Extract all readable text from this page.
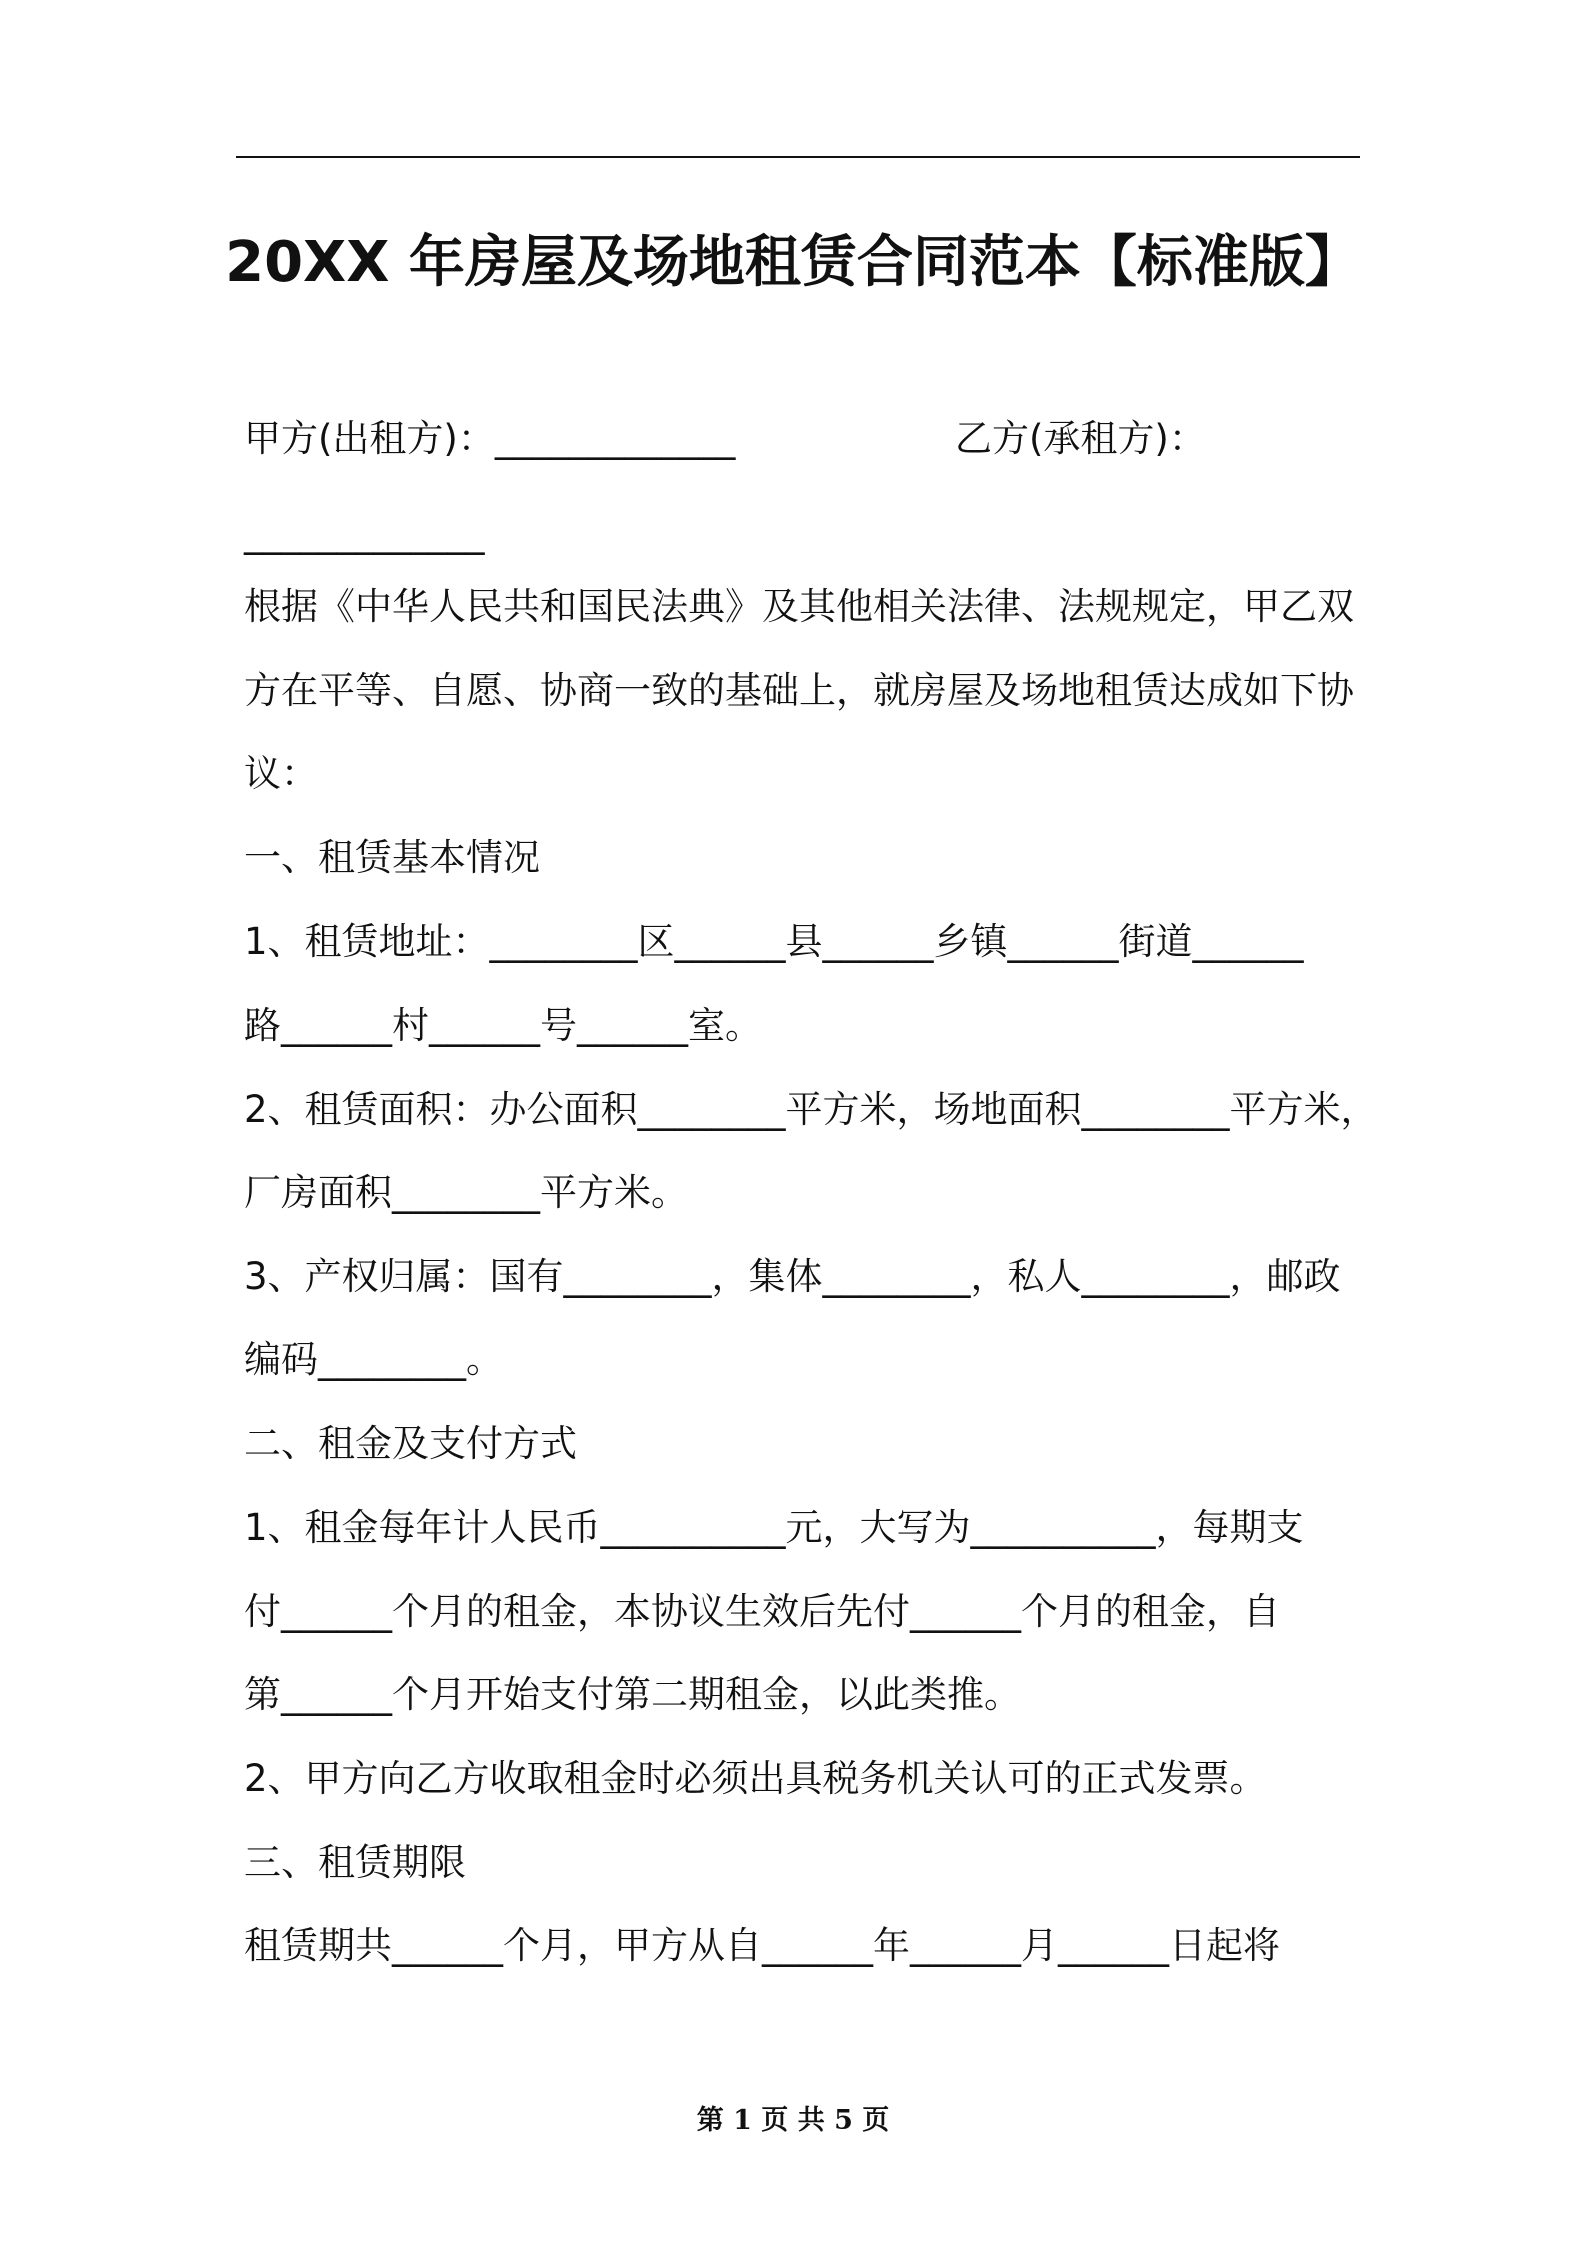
20XX 年房屋及场地租赁合同范本【标准版】
甲方(出租方)：_____________	乙方(承租方)：
_____________
根据《中华人民共和国民法典》及其他相关法律、法规规定，甲乙双
方在平等、自愿、协商一致的基础上，就房屋及场地租赁达成如下协
议：
一、租赁基本情况
1、租赁地址：________区______县______乡镇______街道______
路______村______号______室。
2、租赁面积：办公面积________平方米，场地面积________平方米，
厂房面积________平方米。
3、产权归属：国有________，集体________，私人________，邮政
编码________。
二、租金及支付方式
1、租金每年计人民币__________元，大写为__________，每期支
付______个月的租金，本协议生效后先付______个月的租金，自
第______个月开始支付第二期租金，以此类推。
2、甲方向乙方收取租金时必须出具税务机关认可的正式发票。
三、租赁期限
租赁期共______个月，甲方从自______年______月______日起将
第 1 页 共 5 页
